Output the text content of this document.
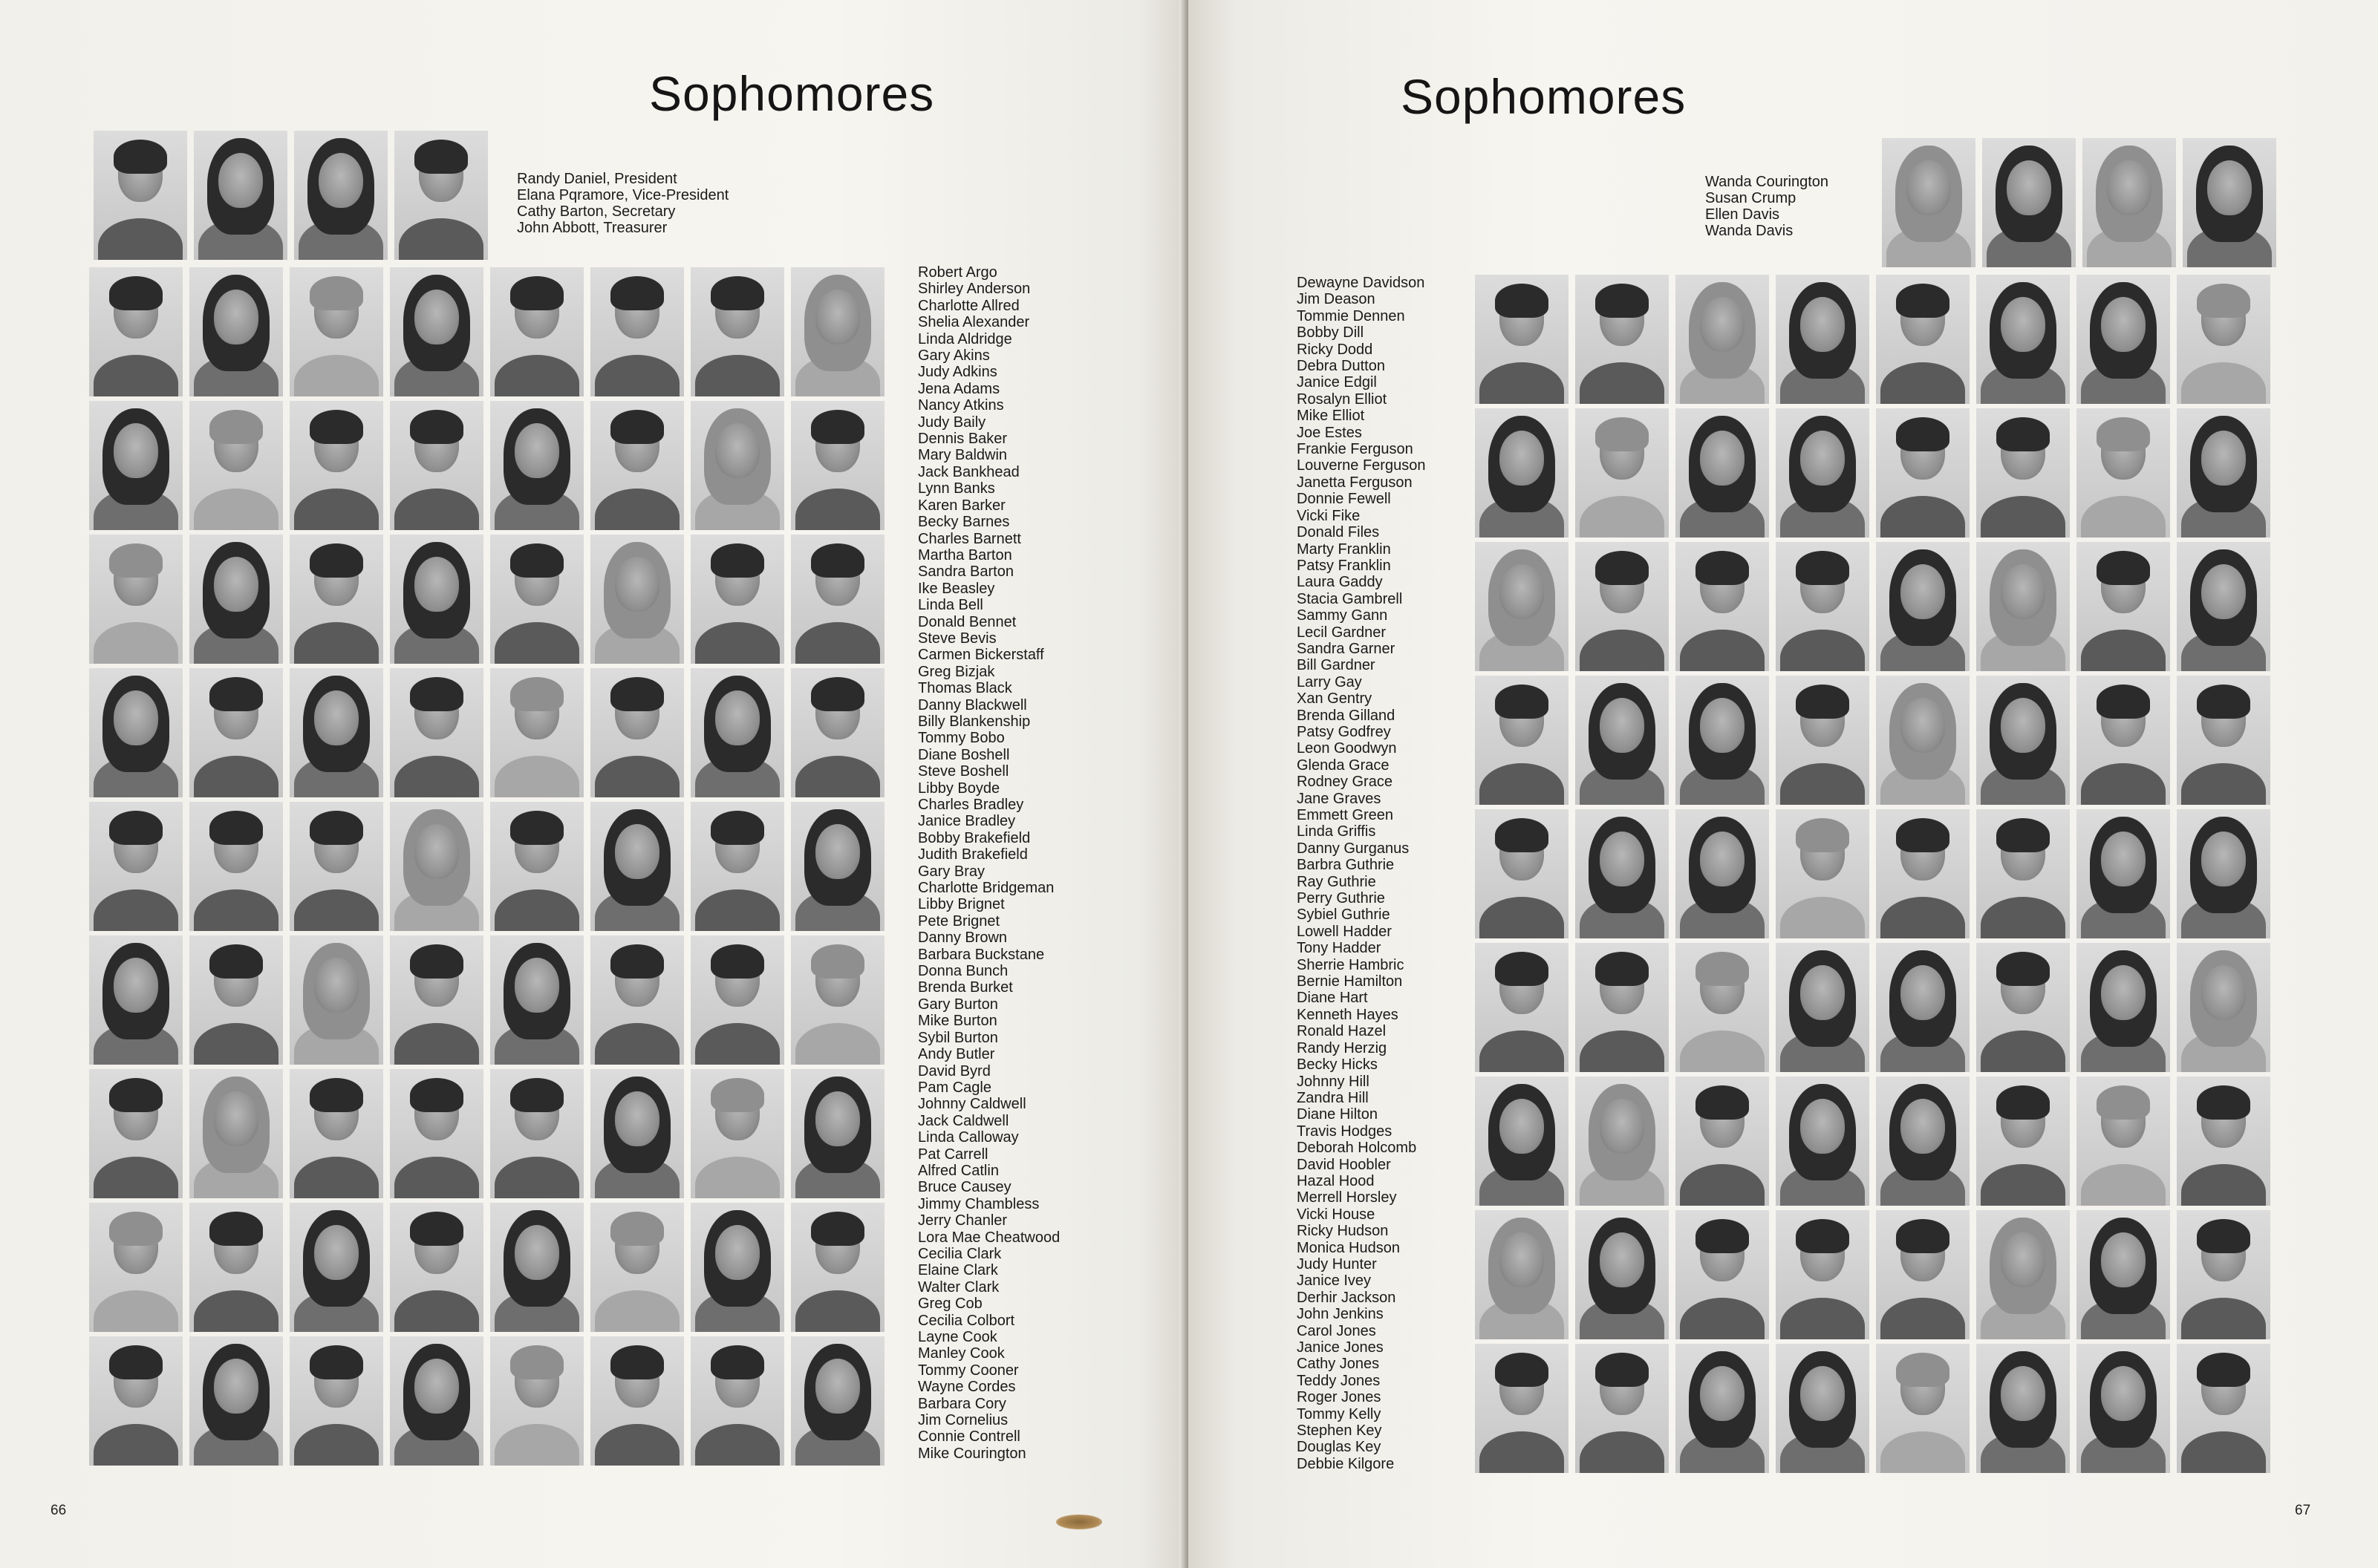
Sophomores
Randy Daniel, President
Elana Pqramore, Vice-President
Cathy Barton, Secretary
John Abbott, Treasurer
Robert Argo
Shirley Anderson
Charlotte Allred
Shelia Alexander
Linda Aldridge
Gary Akins
Judy Adkins
Jena Adams
Nancy Atkins
Judy Baily
Dennis Baker
Mary Baldwin
Jack Bankhead
Lynn Banks
Karen Barker
Becky Barnes
Charles Barnett
Martha Barton
Sandra Barton
Ike Beasley
Linda Bell
Donald Bennet
Steve Bevis
Carmen Bickerstaff
Greg Bizjak
Thomas Black
Danny Blackwell
Billy Blankenship
Tommy Bobo
Diane Boshell
Steve Boshell
Libby Boyde
Charles Bradley
Janice Bradley
Bobby Brakefield
Judith Brakefield
Gary Bray
Charlotte Bridgeman
Libby Brignet
Pete Brignet
Danny Brown
Barbara Buckstane
Donna Bunch
Brenda Burket
Gary Burton
Mike Burton
Sybil Burton
Andy Butler
David Byrd
Pam Cagle
Johnny Caldwell
Jack Caldwell
Linda Calloway
Pat Carrell
Alfred Catlin
Bruce Causey
Jimmy Chambless
Jerry Chanler
Lora Mae Cheatwood
Cecilia Clark
Elaine Clark
Walter Clark
Greg Cob
Cecilia Colbort
Layne Cook
Manley Cook
Tommy Cooner
Wayne Cordes
Barbara Cory
Jim Cornelius
Connie Contrell
Mike Courington
66
Sophomores
Wanda Courington
Susan Crump
Ellen Davis
Wanda Davis
Dewayne Davidson
Jim Deason
Tommie Dennen
Bobby Dill
Ricky Dodd
Debra Dutton
Janice Edgil
Rosalyn Elliot
Mike Elliot
Joe Estes
Frankie Ferguson
Louverne Ferguson
Janetta Ferguson
Donnie Fewell
Vicki Fike
Donald Files
Marty Franklin
Patsy Franklin
Laura Gaddy
Stacia Gambrell
Sammy Gann
Lecil Gardner
Sandra Garner
Bill Gardner
Larry Gay
Xan Gentry
Brenda Gilland
Patsy Godfrey
Leon Goodwyn
Glenda Grace
Rodney Grace
Jane Graves
Emmett Green
Linda Griffis
Danny Gurganus
Barbra Guthrie
Ray Guthrie
Perry Guthrie
Sybiel Guthrie
Lowell Hadder
Tony Hadder
Sherrie Hambric
Bernie Hamilton
Diane Hart
Kenneth Hayes
Ronald Hazel
Randy Herzig
Becky Hicks
Johnny Hill
Zandra Hill
Diane Hilton
Travis Hodges
Deborah Holcomb
David Hoobler
Hazal Hood
Merrell Horsley
Vicki House
Ricky Hudson
Monica Hudson
Judy Hunter
Janice Ivey
Derhir Jackson
John Jenkins
Carol Jones
Janice Jones
Cathy Jones
Teddy Jones
Roger Jones
Tommy Kelly
Stephen Key
Douglas Key
Debbie Kilgore
67
